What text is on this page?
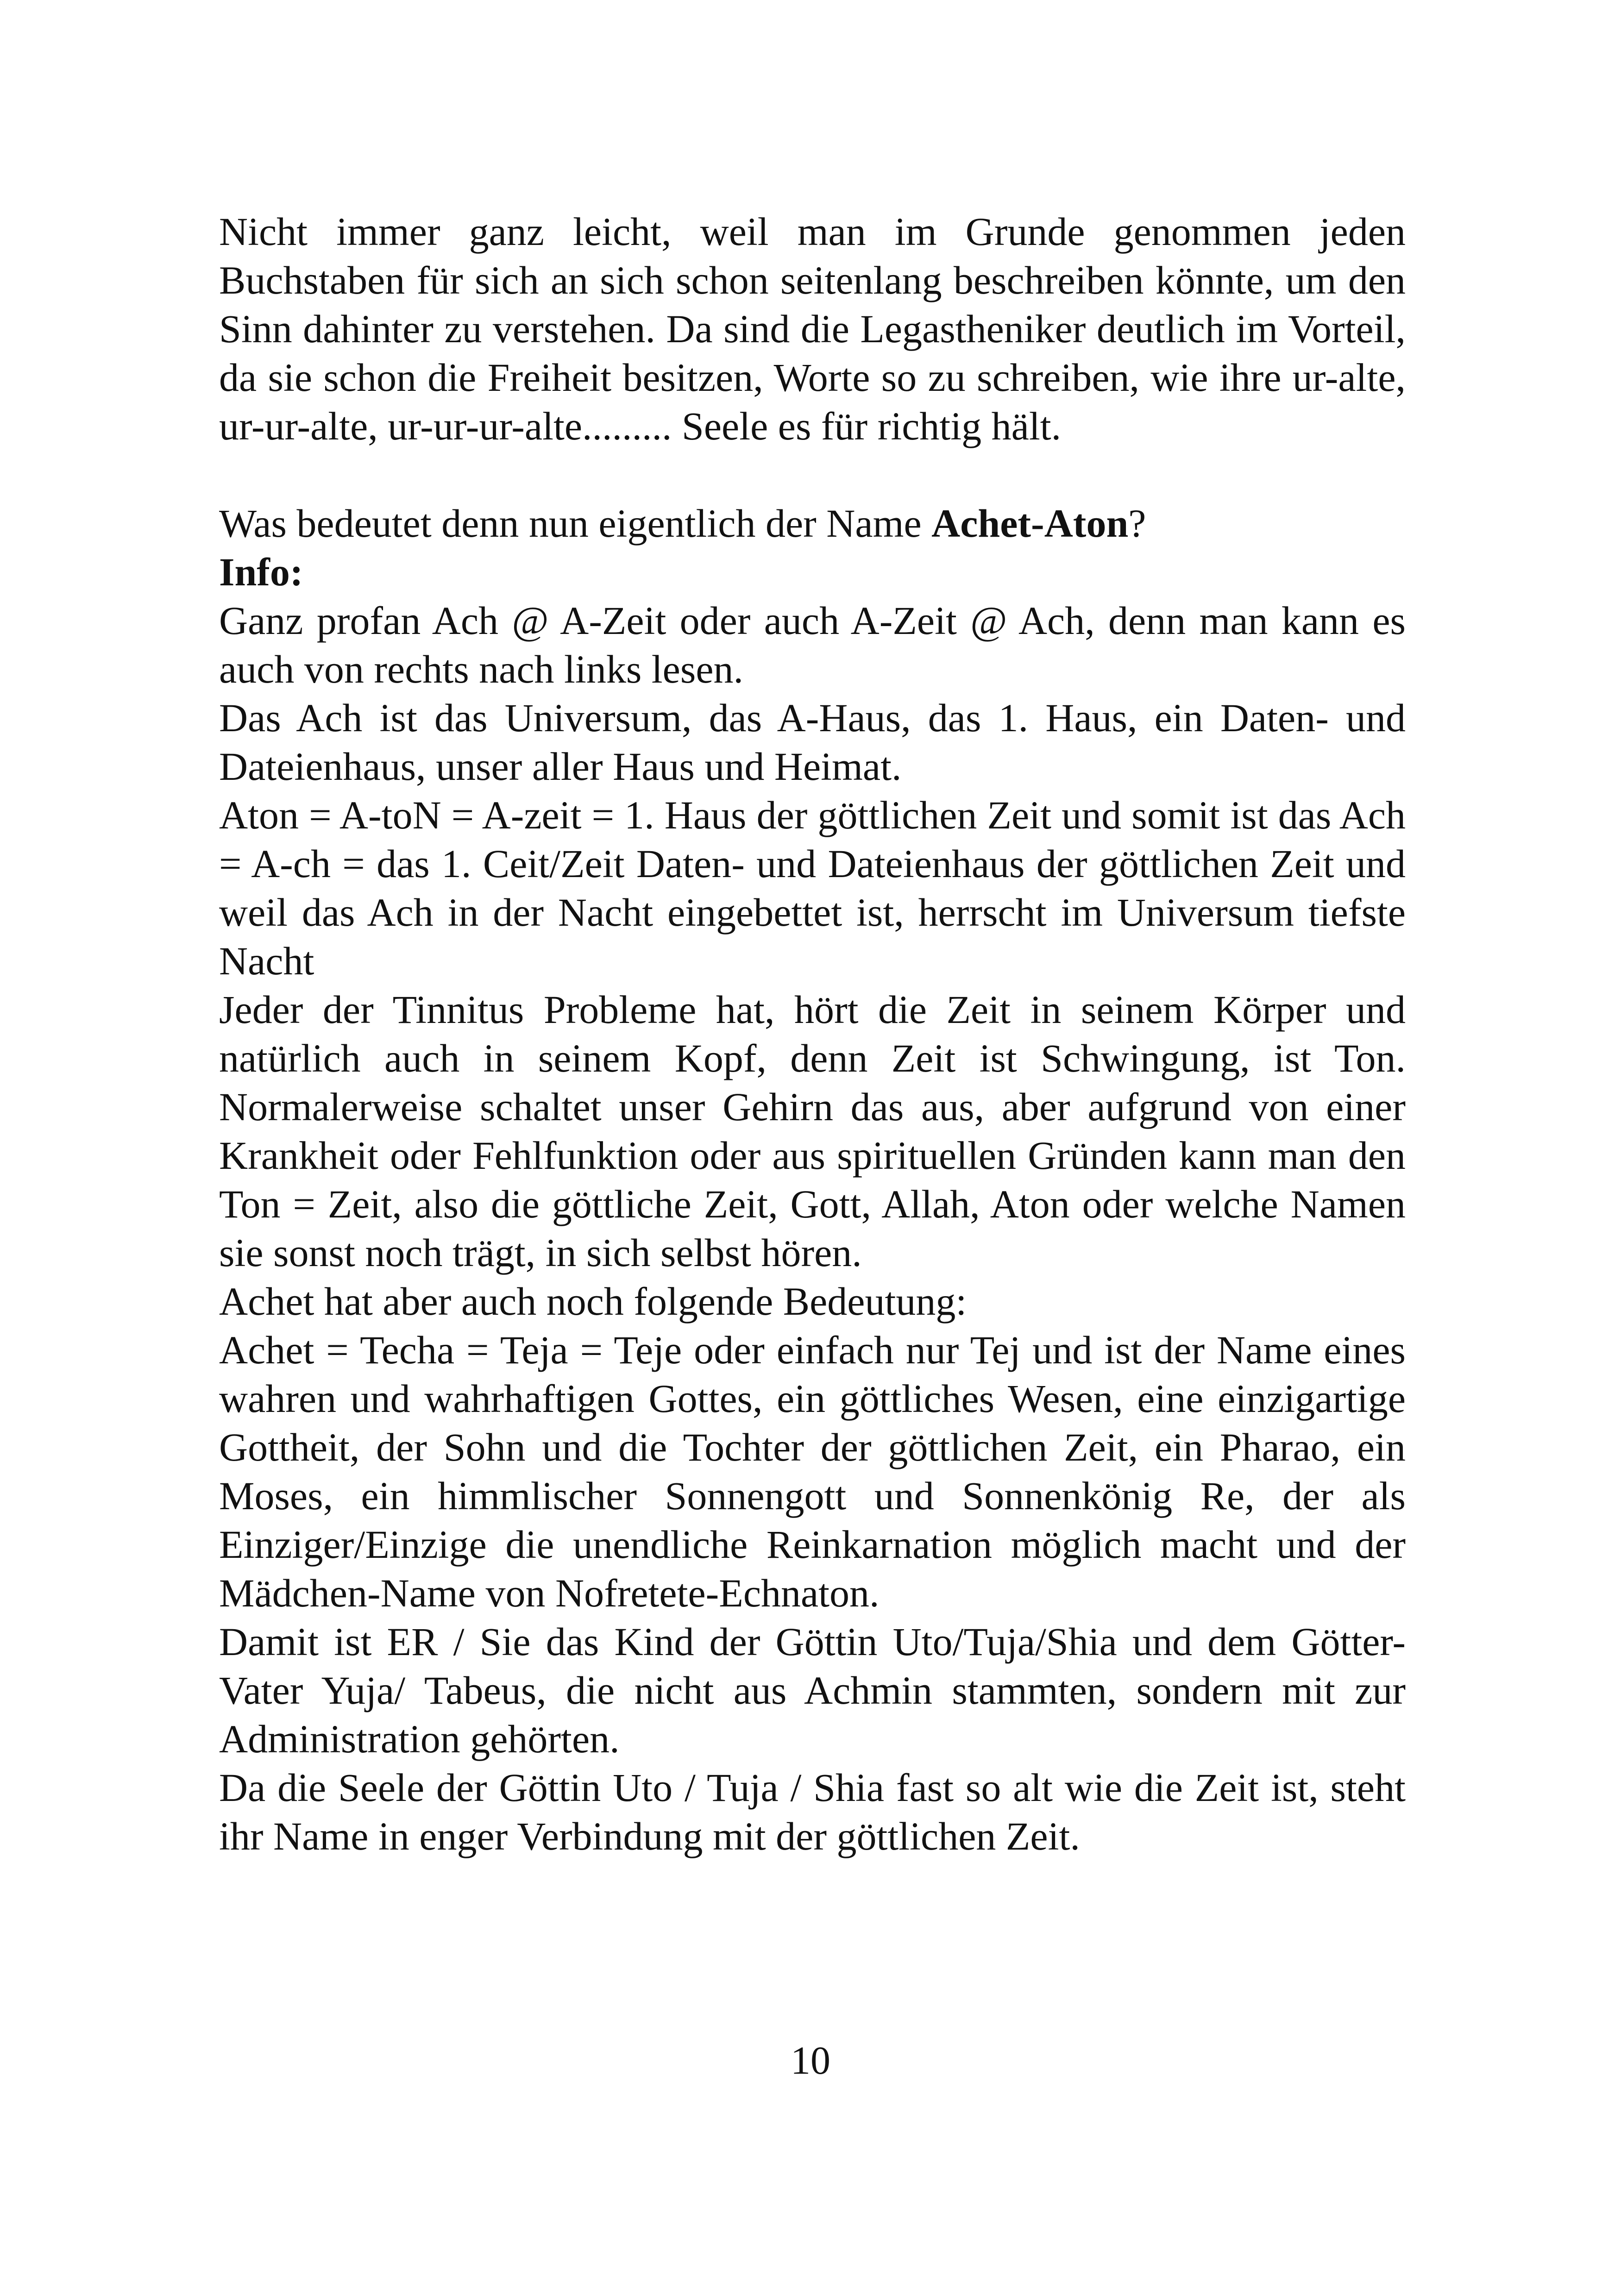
Nicht immer ganz leicht, weil man im Grunde genommen jeden Buchstaben für sich an sich schon seitenlang beschreiben könnte, um den Sinn dahinter zu verstehen. Da sind die Legastheniker deutlich im Vorteil, da sie schon die Freiheit besitzen, Worte so zu schreiben, wie ihre ur-alte, ur-ur-alte, ur-ur-ur-alte......... Seele es für richtig hält.

Was bedeutet denn nun eigentlich der Name Achet-Aton?

Info:

Ganz profan Ach @ A-Zeit oder auch A-Zeit @ Ach, denn man kann es auch von rechts nach links lesen.

Das Ach ist das Universum, das A-Haus, das 1. Haus, ein Daten- und Dateienhaus, unser aller Haus und Heimat.

Aton = A-toN = A-zeit = 1. Haus der göttlichen Zeit und somit ist das Ach = A-ch = das 1. Ceit/Zeit Daten- und Dateienhaus der göttlichen Zeit und weil das Ach in der Nacht eingebettet ist, herrscht im Universum tiefste Nacht

Jeder der Tinnitus Probleme hat, hört die Zeit in seinem Körper und natürlich auch in seinem Kopf, denn Zeit ist Schwingung, ist Ton. Normalerweise schaltet unser Gehirn das aus, aber aufgrund von einer Krankheit oder Fehlfunktion oder aus spirituellen Gründen kann man den Ton = Zeit, also die göttliche Zeit, Gott, Allah, Aton oder welche Namen sie sonst noch trägt, in sich selbst hören.

Achet hat aber auch noch folgende Bedeutung:

Achet = Techa = Teja = Teje oder einfach nur Tej und ist der Name eines wahren und wahrhaftigen Gottes, ein göttliches Wesen, eine einzigartige Gottheit, der Sohn und die Tochter der göttlichen Zeit, ein Pharao, ein Moses, ein himmlischer Sonnengott und Sonnenkönig Re, der als Einziger/Einzige die unendliche Reinkarnation möglich macht und der Mädchen-Name von Nofretete-Echnaton.

Damit ist ER / Sie das Kind der Göttin Uto/Tuja/Shia und dem Götter-Vater Yuja/ Tabeus, die nicht aus Achmin stammten, sondern mit zur Administration gehörten.

Da die Seele der Göttin Uto / Tuja / Shia fast so alt wie die Zeit ist, steht ihr Name in enger Verbindung mit der göttlichen Zeit.

10
